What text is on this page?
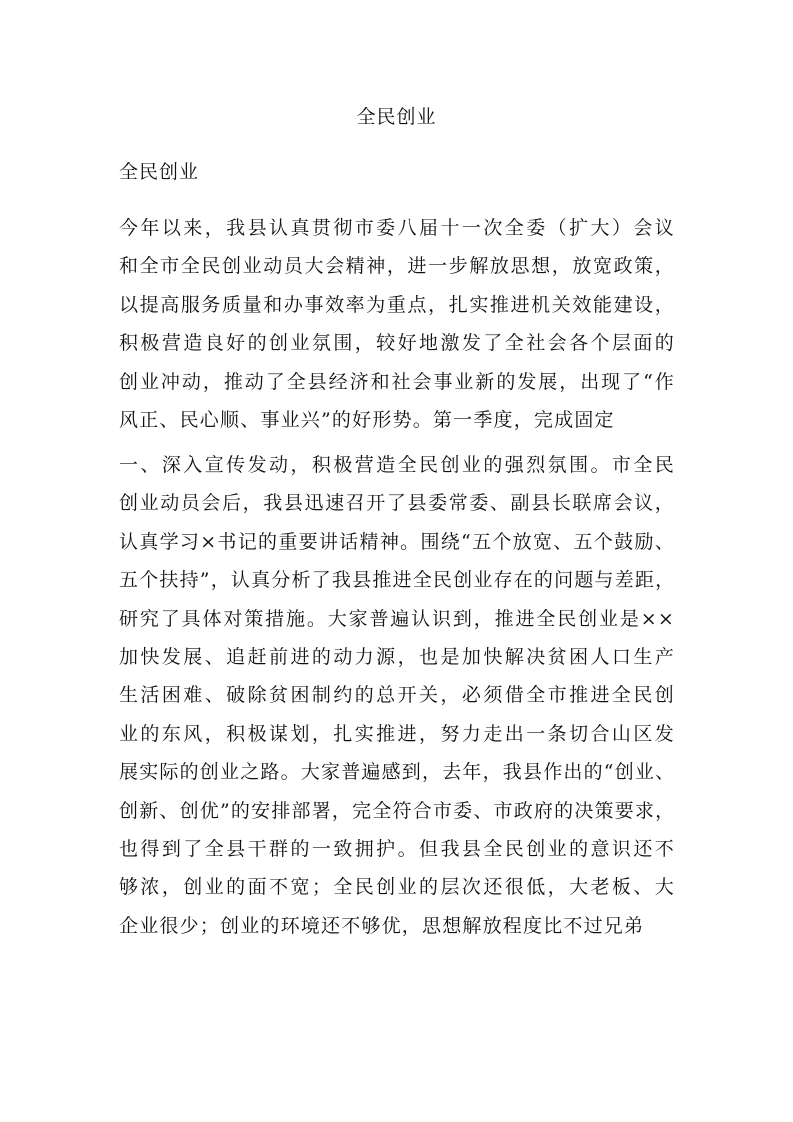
全民创业
全民创业

今年以来，我县认真贯彻市委八届十一次全委（扩大）会议
和全市全民创业动员大会精神，进一步解放思想，放宽政策，
以提高服务质量和办事效率为重点，扎实推进机关效能建设，
积极营造良好的创业氛围，较好地激发了全社会各个层面的
创业冲动，推动了全县经济和社会事业新的发展，出现了“作
风正、民心顺、事业兴”的好形势。第一季度，完成固定

一、深入宣传发动，积极营造全民创业的强烈氛围。市全民
创业动员会后，我县迅速召开了县委常委、副县长联席会议，
认真学习×书记的重要讲话精神。围绕“五个放宽、五个鼓励、
五个扶持”，认真分析了我县推进全民创业存在的问题与差距，
研究了具体对策措施。大家普遍认识到，推进全民创业是××
加快发展、追赶前进的动力源，也是加快解决贫困人口生产
生活困难、破除贫困制约的总开关，必须借全市推进全民创
业的东风，积极谋划，扎实推进，努力走出一条切合山区发
展实际的创业之路。大家普遍感到，去年，我县作出的“创业、
创新、创优”的安排部署，完全符合市委、市政府的决策要求，
也得到了全县干群的一致拥护。但我县全民创业的意识还不
够浓，创业的面不宽；全民创业的层次还很低，大老板、大
企业很少；创业的环境还不够优，思想解放程度比不过兄弟
